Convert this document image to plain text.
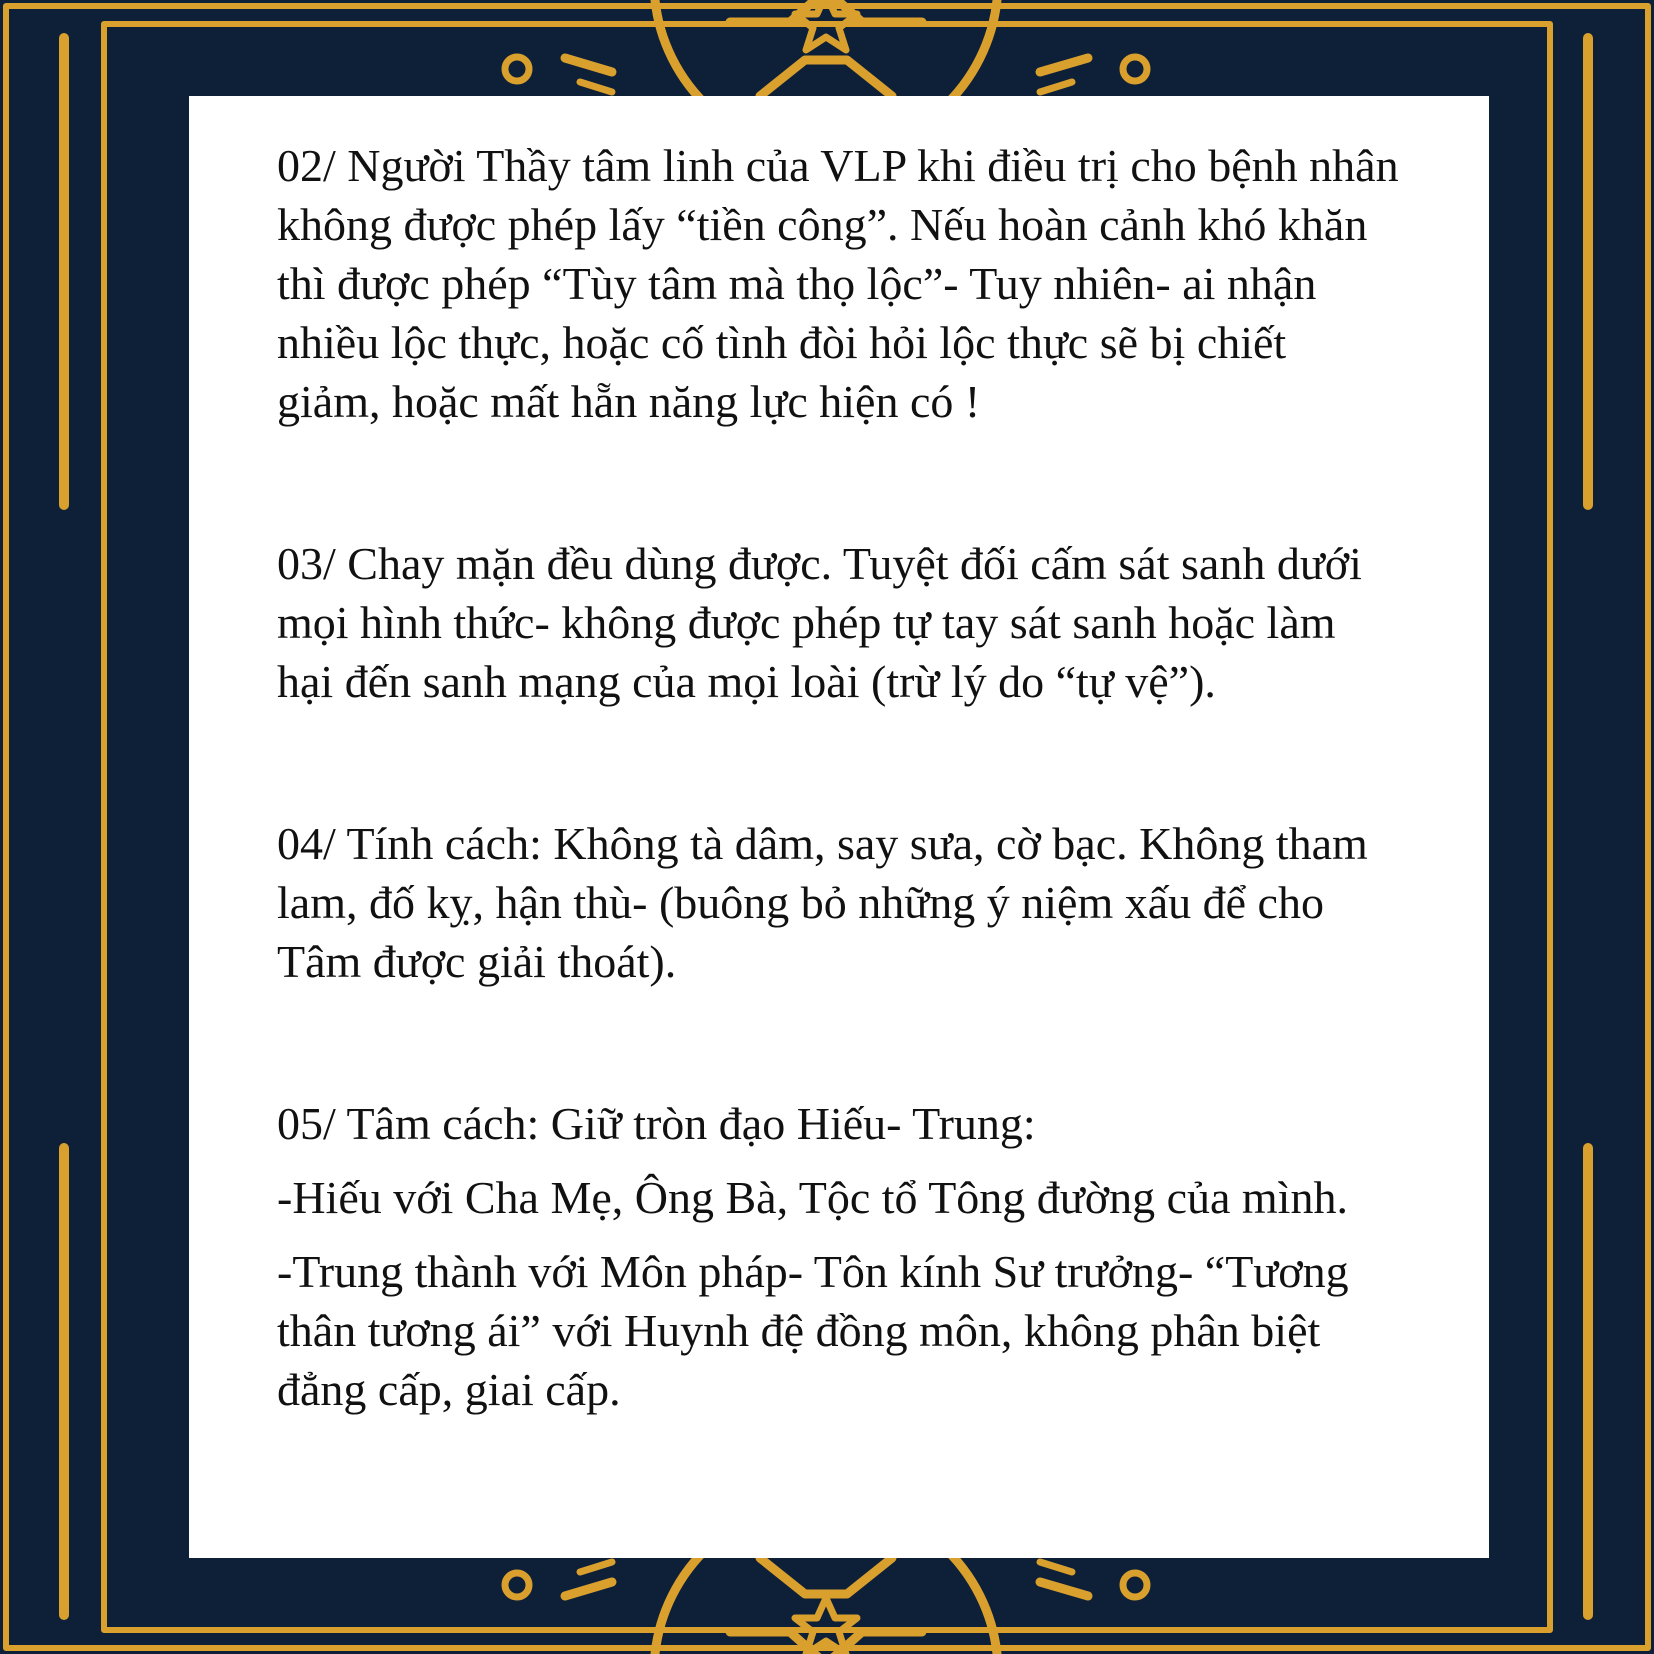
02/ Người Thầy tâm linh của VLP khi điều trị cho bệnh nhân không được phép lấy “tiền công”. Nếu hoàn cảnh khó khăn thì được phép “Tùy tâm mà thọ lộc”- Tuy nhiên- ai nhận nhiều lộc thực, hoặc cố tình đòi hỏi lộc thực sẽ bị chiết giảm, hoặc mất hẵn năng lực hiện có !

03/ Chay mặn đều dùng được. Tuyệt đối cấm sát sanh dưới mọi hình thức- không được phép tự tay sát sanh hoặc làm hại đến sanh mạng của mọi loài (trừ lý do “tự vệ”).

04/ Tính cách: Không tà dâm, say sưa, cờ bạc. Không tham lam, đố kỵ, hận thù- (buông bỏ những ý niệm xấu để cho Tâm được giải thoát).

05/ Tâm cách: Giữ tròn đạo Hiếu- Trung:

-Hiếu với Cha Mẹ, Ông Bà, Tộc tổ Tông đường của mình.

-Trung thành với Môn pháp- Tôn kính Sư trưởng- “Tương thân tương ái” với Huynh đệ đồng môn, không phân biệt đẳng cấp, giai cấp.
